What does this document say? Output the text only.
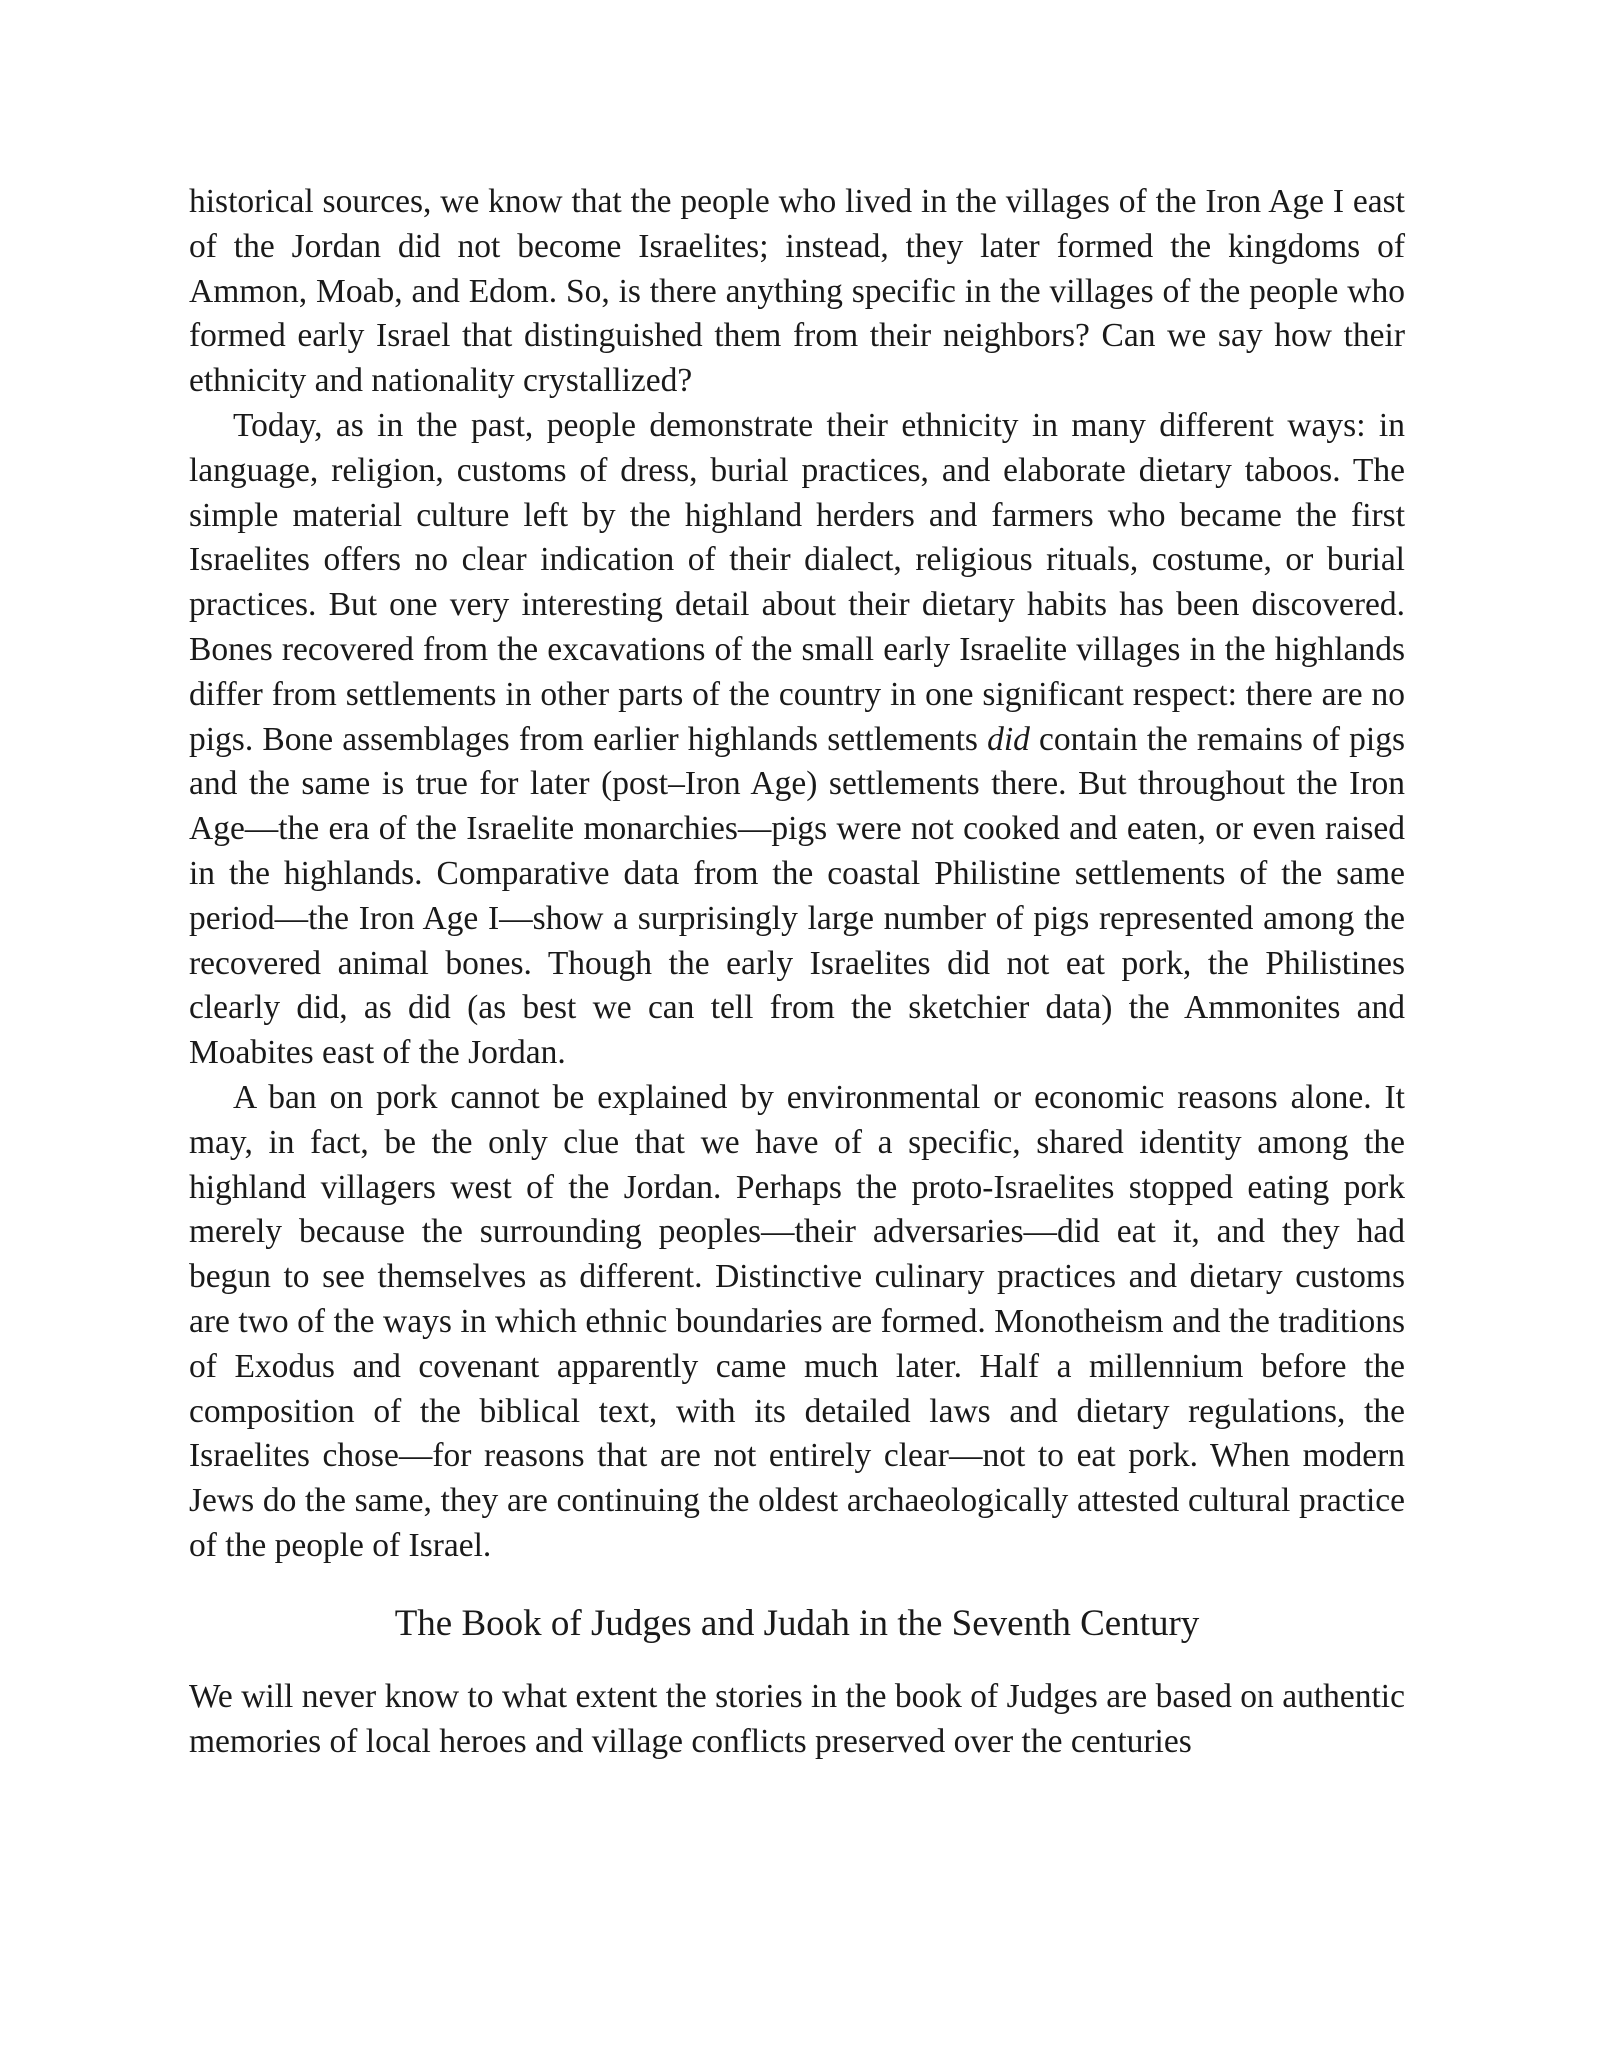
historical sources, we know that the people who lived in the villages of the Iron Age I east of the Jordan did not become Israelites; instead, they later formed the kingdoms of Ammon, Moab, and Edom. So, is there anything specific in the villages of the people who formed early Israel that distinguished them from their neighbors? Can we say how their ethnicity and nationality crystallized?

Today, as in the past, people demonstrate their ethnicity in many different ways: in language, religion, customs of dress, burial practices, and elaborate dietary taboos. The simple material culture left by the highland herders and farmers who became the first Israelites offers no clear indication of their dialect, religious rituals, costume, or burial practices. But one very interesting detail about their dietary habits has been discovered. Bones recovered from the excavations of the small early Israelite villages in the highlands differ from settlements in other parts of the country in one significant respect: there are no pigs. Bone assemblages from earlier highlands settlements did contain the remains of pigs and the same is true for later (post–Iron Age) settlements there. But throughout the Iron Age—the era of the Israelite monarchies—pigs were not cooked and eaten, or even raised in the highlands. Comparative data from the coastal Philistine settlements of the same period—the Iron Age I—show a surprisingly large number of pigs represented among the recovered animal bones. Though the early Israelites did not eat pork, the Philistines clearly did, as did (as best we can tell from the sketchier data) the Ammonites and Moabites east of the Jordan.

A ban on pork cannot be explained by environmental or economic reasons alone. It may, in fact, be the only clue that we have of a specific, shared identity among the highland villagers west of the Jordan. Perhaps the proto-Israelites stopped eating pork merely because the surrounding peoples—their adversaries—did eat it, and they had begun to see themselves as different. Distinctive culinary practices and dietary customs are two of the ways in which ethnic boundaries are formed. Monotheism and the traditions of Exodus and covenant apparently came much later. Half a millennium before the composition of the biblical text, with its detailed laws and dietary regulations, the Israelites chose—for reasons that are not entirely clear—not to eat pork. When modern Jews do the same, they are continuing the oldest archaeologically attested cultural practice of the people of Israel.

The Book of Judges and Judah in the Seventh Century

We will never know to what extent the stories in the book of Judges are based on authentic memories of local heroes and village conflicts preserved over the centuries
